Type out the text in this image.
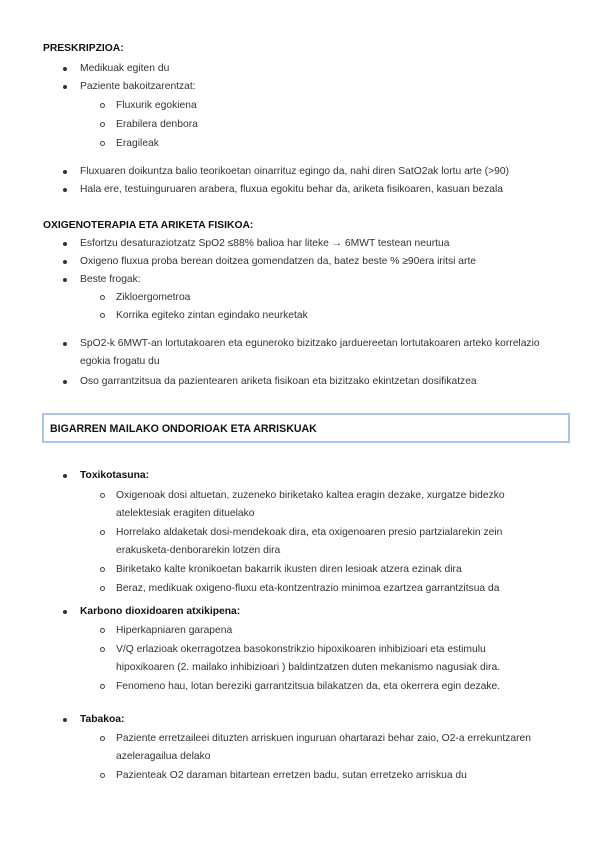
PRESKRIPZIOA:
Medikuak egiten du
Paziente bakoitzarentzat:
Fluxurik egokiena
Erabilera denbora
Eragileak
Fluxuaren doikuntza balio teorikoetan oinarrituz egingo da, nahi diren SatO2ak lortu arte (>90)
Hala ere, testuinguruaren arabera, fluxua egokitu behar da, ariketa fisikoaren, kasuan bezala
OXIGENOTERAPIA ETA ARIKETA FISIKOA:
Esfortzu desaturaziotzatz SpO2 ≤88% balioa har liteke → 6MWT testean neurtua
Oxigeno fluxua proba berean doitzea gomendatzen da, batez beste % ≥90era iritsi arte
Beste frogak:
Zikloergometroa
Korrika egiteko zintan egindako neurketak
SpO2-k 6MWT-an lortutakoaren eta eguneroko bizitzako jarduereetan lortutakoaren arteko korrelazio egokia frogatu du
Oso garrantzitsua da pazientearen ariketa fisikoan eta bizitzako ekintzetan dosifikatzea
BIGARREN MAILAKO ONDORIOAK ETA ARRISKUAK
Toxikotasuna:
Oxigenoak dosi altuetan, zuzeneko biriketako kaltea eragin dezake, xurgatze bidezko atelektesiak eragiten dituelako
Horrelako aldaketak dosi-mendekoak dira, eta oxigenoaren presio partzialarekin zein erakusketa-denborarekin lotzen dira
Biriketako kalte kronikoetan bakarrik ikusten diren lesioak atzera ezinak dira
Beraz, medikuak oxigeno-fluxu eta-kontzentrazio minimoa ezartzea garrantzitsua da
Karbono dioxidoaren atxikipena:
Hiperkapniaren garapena
V/Q erlazioak okerragotzea basokonstrikzio hipoxikoaren inhibizioari eta estimulu hipoxikoaren (2. mailako inhibizioari ) baldintzatzen duten mekanismo nagusiak dira.
Fenomeno hau, lotan bereziki garrantzitsua bilakatzen da, eta okerrera egin dezake.
Tabakoa:
Paziente erretzaileei dituzten arriskuen inguruan ohartarazi behar zaio, O2-a errekuntzaren azeleragailua delako
Pazienteak O2 daraman bitartean erretzen badu, sutan erretzeko arriskua du
